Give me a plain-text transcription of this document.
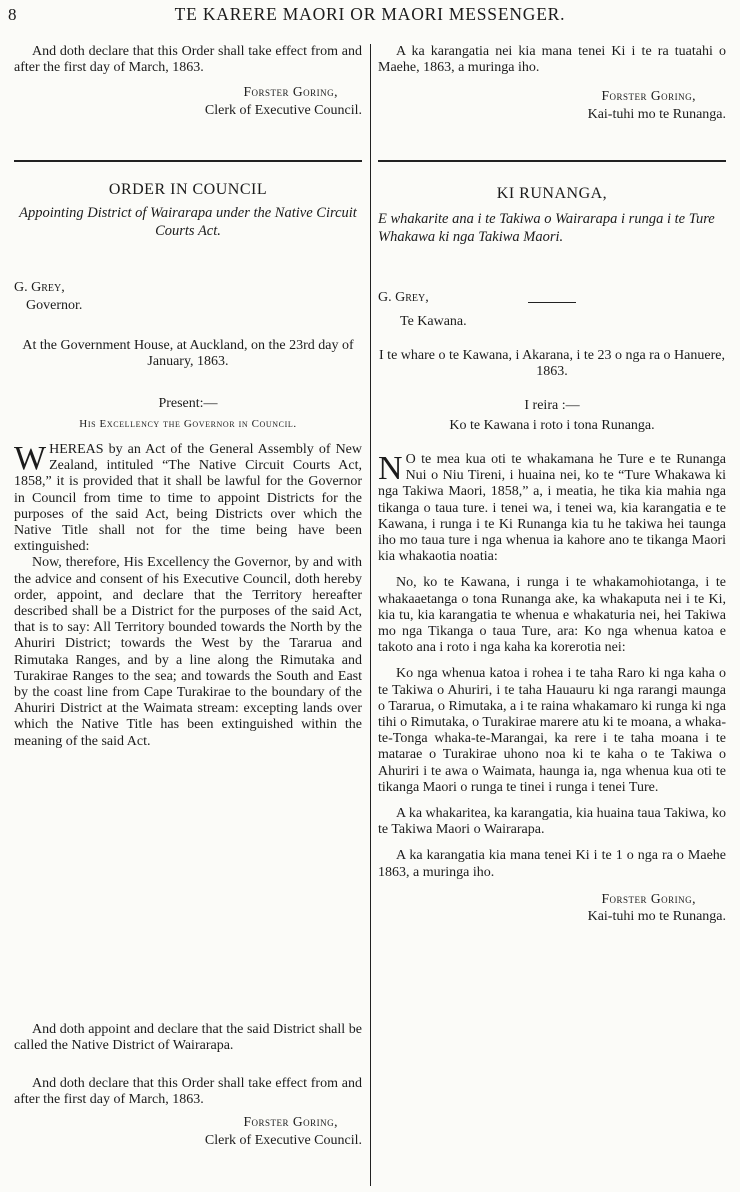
8	TE KARERE MAORI OR MAORI MESSENGER.

And doth declare that this Order shall take effect from and after the first day of March, 1863.

Forster Goring,
Clerk of Executive Council.

ORDER IN COUNCIL

Appointing District of Wairarapa under the Native Circuit Courts Act.

G. Grey,

Governor.

At the Government House, at Auckland, on the 23rd day of January, 1863.

Present:—

His Excellency the Governor in Council.

WHEREAS by an Act of the General Assembly of New Zealand, intituled “The Native Circuit Courts Act, 1858,” it is provided that it shall be lawful for the Governor in Council from time to time to appoint Districts for the purposes of the said Act, being Districts over which the Native Title shall not for the time being have been extinguished:

Now, therefore, His Excellency the Governor, by and with the advice and consent of his Executive Council, doth hereby order, appoint, and declare that the Territory hereafter described shall be a District for the purposes of the said Act, that is to say: All Territory bounded towards the North by the Ahuriri District; towards the West by the Tararua and Rimutaka Ranges, and by a line along the Rimutaka and Turakirae Ranges to the sea; and towards the South and East by the coast line from Cape Turakirae to the boundary of the Ahuriri District at the Waimata stream: excepting lands over which the Native Title has been extinguished within the meaning of the said Act.

And doth appoint and declare that the said District shall be called the Native District of Wairarapa.

And doth declare that this Order shall take effect from and after the first day of March, 1863.

Forster Goring,
Clerk of Executive Council.

A ka karangatia nei kia mana tenei Ki i te ra tuatahi o Maehe, 1863, a muringa iho.

Forster Goring,
Kai-tuhi mo te Runanga.

KI RUNANGA,

E whakarite ana i te Takiwa o Wairarapa i runga i te Ture Whakawa ki nga Takiwa Maori.

G. Grey,

Te Kawana.

I te whare o te Kawana, i Akarana, i te 23 o nga ra o Hanuere, 1863.

I reira :—

Ko te Kawana i roto i tona Runanga.

NO te mea kua oti te whakamana he Ture e te Runanga Nui o Niu Tireni, i huaina nei, ko te “Ture Whakawa ki nga Takiwa Maori, 1858,” a, i meatia, he tika kia mahia nga tikanga o taua ture. i tenei wa, i tenei wa, kia karangatia e te Kawana, i runga i te Ki Runanga kia tu he takiwa hei taunga iho mo taua ture i nga whenua ia kahore ano te tikanga Maori kia whakaotia noatia:

No, ko te Kawana, i runga i te whakamohiotanga, i te whakaaetanga o tona Runanga ake, ka whakaputa nei i te Ki, kia tu, kia karangatia te whenua e whakaturia nei, hei Takiwa mo nga Tikanga o taua Ture, ara: Ko nga whenua katoa e takoto ana i roto i nga kaha ka korerotia nei:

Ko nga whenua katoa i rohea i te taha Raro ki nga kaha o te Takiwa o Ahuriri, i te taha Hauauru ki nga rarangi maunga o Tararua, o Rimutaka, a i te raina whakamaro ki runga ki nga tihi o Rimutaka, o Turakirae marere atu ki te moana, a whaka-te-Tonga whaka-te-Marangai, ka rere i te taha moana i te matarae o Turakirae uhono noa ki te kaha o te Takiwa o Ahuriri i te awa o Waimata, haunga ia, nga whenua kua oti te tikanga Maori o runga te tinei i runga i tenei Ture.

A ka whakaritea, ka karangatia, kia huaina taua Takiwa, ko te Takiwa Maori o Wairarapa.

A ka karangatia kia mana tenei Ki i te 1 o nga ra o Maehe 1863, a muringa iho.

Forster Goring,
Kai-tuhi mo te Runanga.
